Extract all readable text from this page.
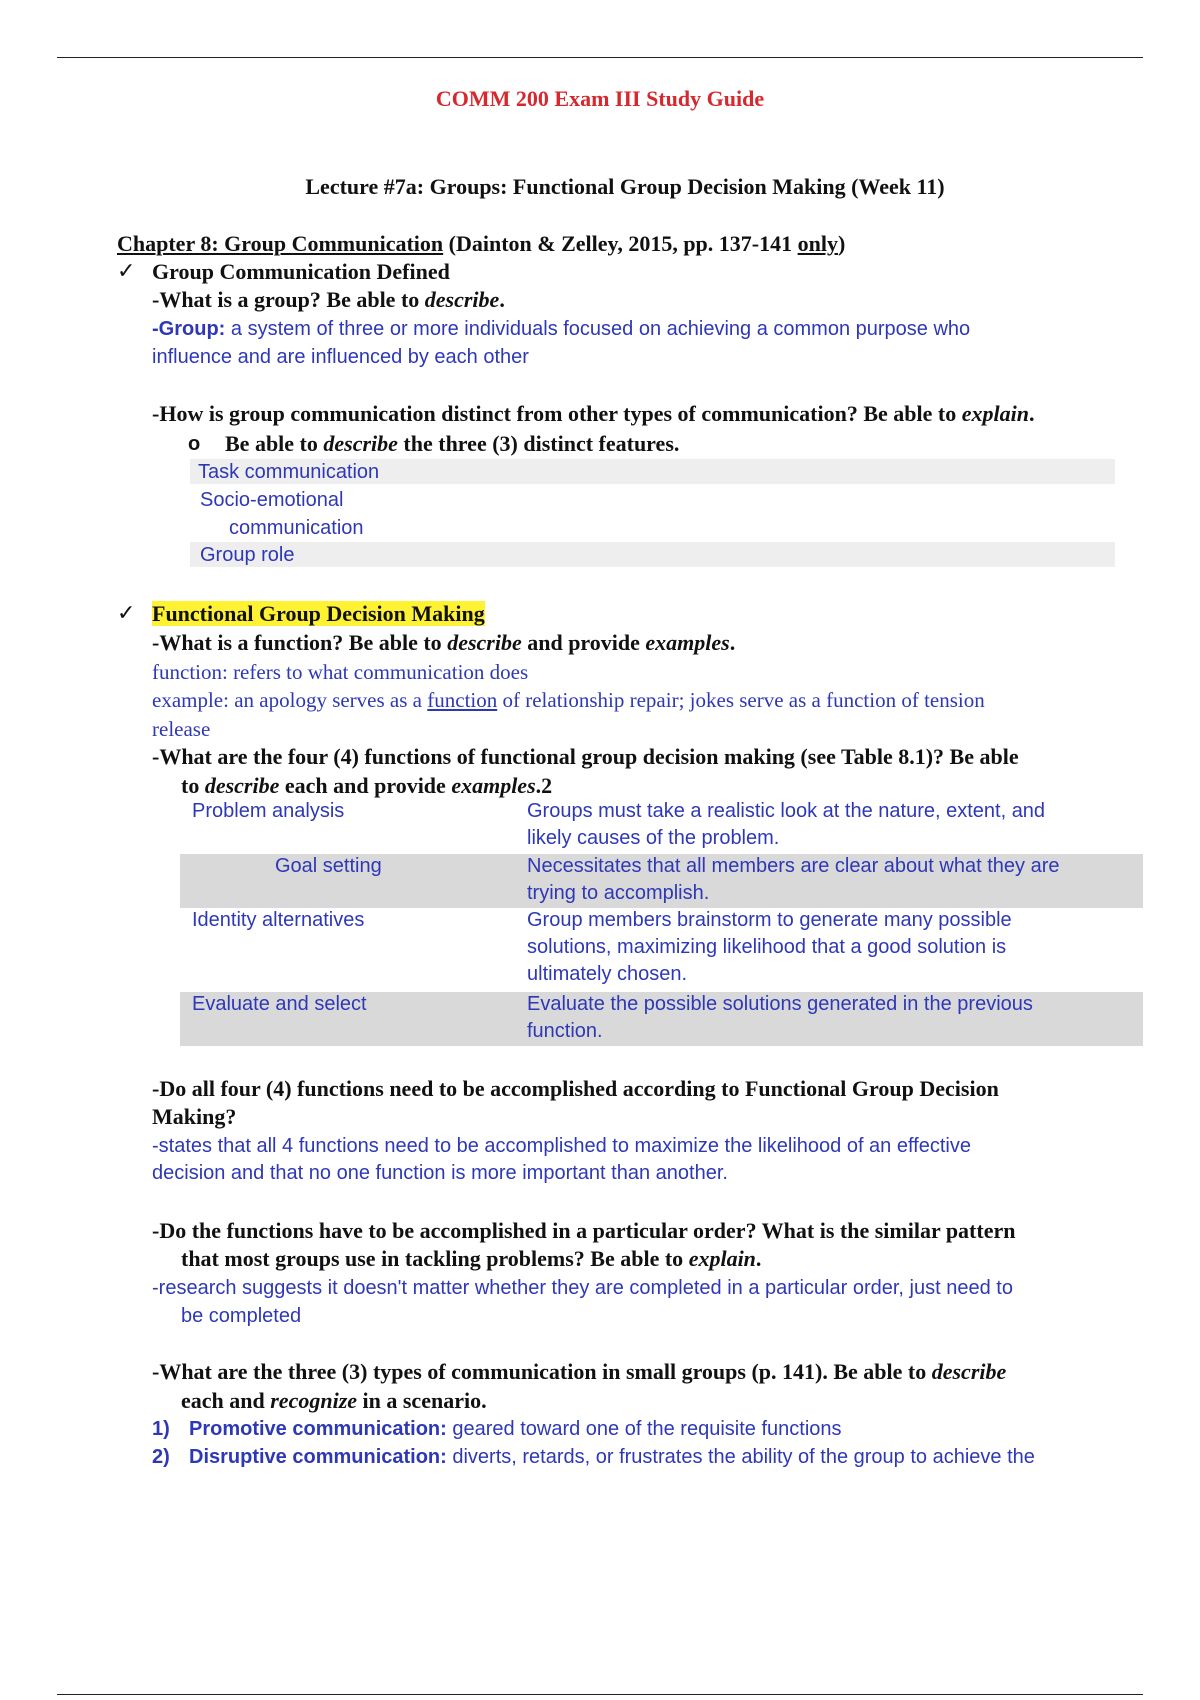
COMM 200 Exam III Study Guide
Lecture #7a: Groups: Functional Group Decision Making (Week 11)
Chapter 8: Group Communication (Dainton & Zelley, 2015, pp. 137-141 only)
✓ Group Communication Defined
-What is a group? Be able to describe.
-Group: a system of three or more individuals focused on achieving a common purpose who
influence and are influenced by each other
-How is group communication distinct from other types of communication? Be able to explain.
o Be able to describe the three (3) distinct features.
Task communication
Socio-emotional
communication
Group role
✓ Functional Group Decision Making
-What is a function? Be able to describe and provide examples.
function: refers to what communication does
example: an apology serves as a function of relationship repair; jokes serve as a function of tension
release
-What are the four (4) functions of functional group decision making (see Table 8.1)? Be able
to describe each and provide examples.2
Problem analysis	Groups must take a realistic look at the nature, extent, and
likely causes of the problem.
Goal setting	Necessitates that all members are clear about what they are
trying to accomplish.
Identity alternatives	Group members brainstorm to generate many possible
solutions, maximizing likelihood that a good solution is
ultimately chosen.
Evaluate and select	Evaluate the possible solutions generated in the previous
function.
-Do all four (4) functions need to be accomplished according to Functional Group Decision
Making?
-states that all 4 functions need to be accomplished to maximize the likelihood of an effective
decision and that no one function is more important than another.
-Do the functions have to be accomplished in a particular order? What is the similar pattern
that most groups use in tackling problems? Be able to explain.
-research suggests it doesn't matter whether they are completed in a particular order, just need to
be completed
-What are the three (3) types of communication in small groups (p. 141). Be able to describe
each and recognize in a scenario.
1) Promotive communication: geared toward one of the requisite functions
2) Disruptive communication: diverts, retards, or frustrates the ability of the group to achieve the
